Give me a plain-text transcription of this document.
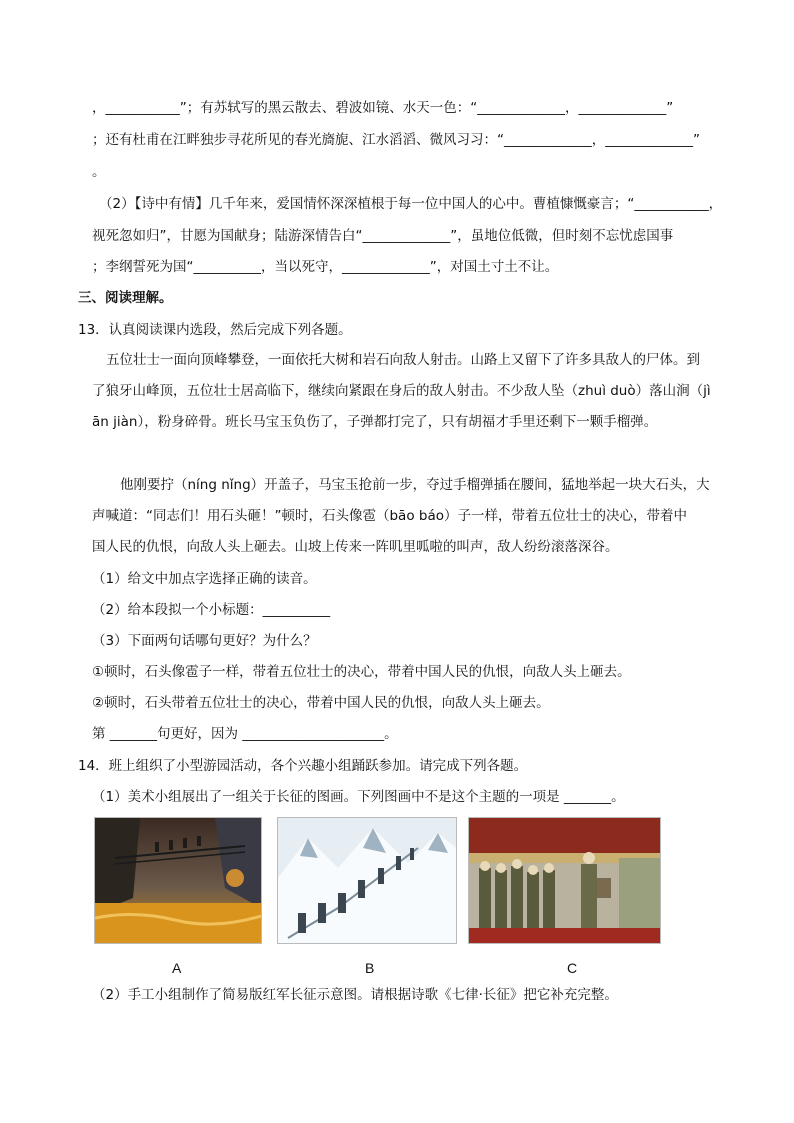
，___________”；有苏轼写的黑云散去、碧波如镜、水天一色：“_____________，_____________”
；还有杜甫在江畔独步寻花所见的春光旖旎、江水滔滔、微风习习：“_____________，_____________”
。
（2）【诗中有情】几千年来，爱国情怀深深植根于每一位中国人的心中。曹植慷慨豪言；“___________，
视死忽如归”，甘愿为国献身；陆游深情告白“_____________”，虽地位低微，但时刻不忘忧虑国事
；李纲誓死为国“__________，当以死守，_____________”，对国土寸土不让。
三、阅读理解。
13．认真阅读课内选段，然后完成下列各题。
五位壮士一面向顶峰攀登，一面依托大树和岩石向敌人射击。山路上又留下了许多具敌人的尸体。到
了狼牙山峰顶，五位壮士居高临下，继续向紧跟在身后的敌人射击。不少敌人坠（zhuì duò）落山涧（jì
ān jiàn），粉身碎骨。班长马宝玉负伤了，子弹都打完了，只有胡福才手里还剩下一颗手榴弹。
他刚要拧（níng nǐng）开盖子，马宝玉抢前一步，夺过手榴弹插在腰间，猛地举起一块大石头，大
声喊道：“同志们！用石头砸！”顿时，石头像雹（bāo báo）子一样，带着五位壮士的决心，带着中
国人民的仇恨，向敌人头上砸去。山坡上传来一阵叽里呱啦的叫声，敌人纷纷滚落深谷。
（1）给文中加点字选择正确的读音。
（2）给本段拟一个小标题：__________
（3）下面两句话哪句更好？为什么？
①顿时，石头像雹子一样，带着五位壮士的决心，带着中国人民的仇恨，向敌人头上砸去。
②顿时，石头带着五位壮士的决心，带着中国人民的仇恨，向敌人头上砸去。
第 _______句更好，因为 _____________________。
14．班上组织了小型游园活动，各个兴趣小组踊跃参加。请完成下列各题。
（1）美术小组展出了一组关于长征的图画。下列图画中不是这个主题的一项是 _______。
A	B	C
（2）手工小组制作了简易版红军长征示意图。请根据诗歌《七律·长征》把它补充完整。
